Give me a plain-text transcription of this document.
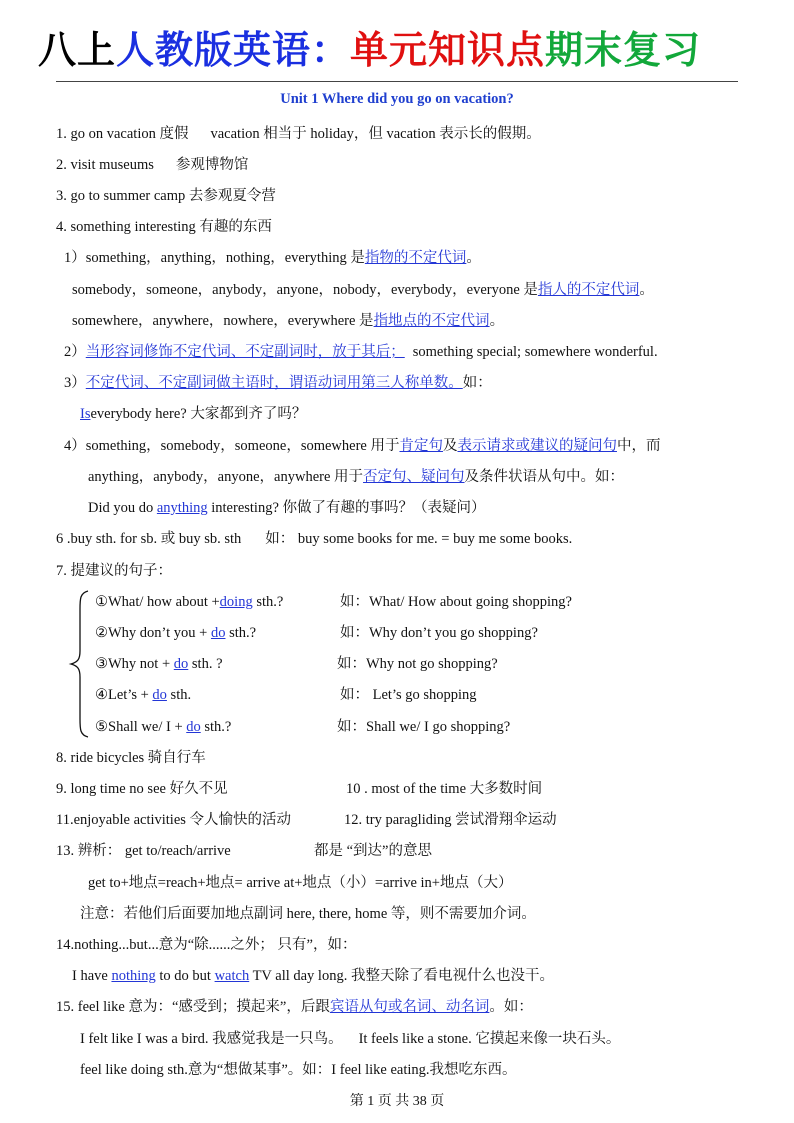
八上人教版英语：单元知识点期末复习
Unit 1 Where did you go on vacation?
1. go on vacation 度假 vacation 相当于 holiday，但 vacation 表示长的假期。
2. visit museums 参观博物馆
3. go to summer camp 去参观夏令营
4. something interesting 有趣的东西
1）something，anything，nothing，everything 是指物的不定代词。
somebody，someone，anybody，anyone，nobody，everybody，everyone 是指人的不定代词。
somewhere，anywhere，nowhere，everywhere 是指地点的不定代词。
2）当形容词修饰不定代词、不定副词时，放于其后； something special; somewhere wonderful.
3）不定代词、不定副词做主语时，谓语动词用第三人称单数。如：
Iseverybody here? 大家都到齐了吗？
4）something，somebody，someone，somewhere 用于肯定句及表示请求或建议的疑问句中，而
anything，anybody，anyone，anywhere 用于否定句、疑问句及条件状语从句中。如：
Did you do anything interesting? 你做了有趣的事吗？（表疑问）
6 .buy sth. for sb. 或 buy sb. sth 如： buy some books for me. = buy me some books.
7. 提建议的句子：
①What/ how about +doing sth.?	如：What/ How about going shopping?
②Why don’t you + do sth.?	如：Why don’t you go shopping?
③Why not + do sth. ?	如：Why not go shopping?
④Let’s + do sth.	如： Let’s go shopping
⑤Shall we/ I + do sth.?	如：Shall we/ I go shopping?
8. ride bicycles 骑自行车
9. long time no see 好久不见	10 . most of the time 大多数时间
11.enjoyable activities 令人愉快的活动	12. try paragliding 尝试滑翔伞运动
13. 辨析： get to/reach/arrive	都是 “到达”的意思
get to+地点=reach+地点= arrive at+地点（小）=arrive in+地点（大）
注意：若他们后面要加地点副词 here, there, home 等，则不需要加介词。
14.nothing...but...意为“除......之外； 只有”，如：
I have nothing to do but watch TV all day long. 我整天除了看电视什么也没干。
15. feel like 意为：“感受到；摸起来”，后跟宾语从句或名词、动名词。如：
I felt like I was a bird. 我感觉我是一只鸟。 It feels like a stone. 它摸起来像一块石头。
feel like doing sth.意为“想做某事”。如：I feel like eating.我想吃东西。
第 1 页 共 38 页
